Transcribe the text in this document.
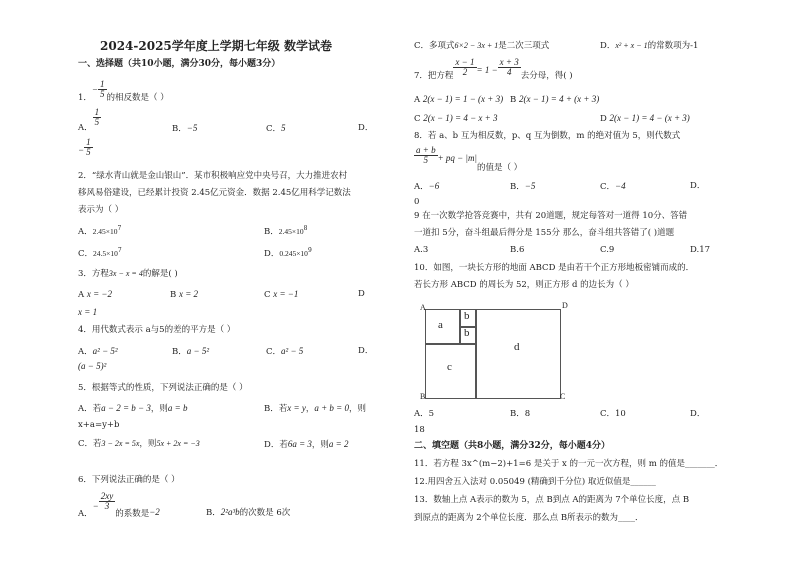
2024-2025学年度上学期七年级 数学试卷
一、选择题（共10小题，满分30分，每小题3分）
1．− $\frac{1}{5}$ 的相反数是（ ）
A．
$\frac{1}{5}$
B．−5	C．5	D．
− $\frac{1}{5}$
2．“绿水青山就是金山银山”．某市积极响应党中央号召，大力推进农村
移风易俗建设，已经累计投资 2.45亿元资金．数据 2.45亿用科学记数法
表示为（ ）
A．$2.45\times 10^7$	B．$2.45\times 10^8$
C．$24.5\times 10^7$	D．$0.245\times 10^9$
3．方程3x − x = 4的解是( )
A x = −2	B x = 2	C x = −1	D
x = 1
4．用代数式表示 a与5的差的平方是（ ）
A．a² − 5²	B．a − 5²	C．a² − 5	D．
(a − 5)²
5．根据等式的性质，下列说法正确的是（ ）
A．若a − 2 = b − 3，则a = b	B．若x = y，a + b = 0，则
x+a=y+b
C．若3 − 2x = 5x，则5x + 2x = −3	D．若6a = 3，则a = 2
6．下列说法正确的是（ ）
A．− $\frac{2xy}{3}$
的系数是−2	B．2²a³b的次数是 6次
C．多项式6×2 − 3x + 1是二次三项式	D．x² + x − 1的常数项为-1
7．把方程 $\frac{x - 1}{2} = 1 - \frac{x + 3}{4}$ 去分母，得( )
A 2(x − 1) = 1 − (x + 3) B 2(x − 1) = 4 + (x + 3)
C 2(x − 1) = 4 − x + 3	D 2(x − 1) = 4 − (x + 3)
8．若 a、b 互为相反数，p、q 互为倒数，m 的绝对值为 5，则代数式
$\frac{a + b}{5}$ + pq − |m|的值是（ ）
A．−6	B．−5	C．−4	D．
0
9 在一次数学抢答竞赛中，共有 20道题，规定每答对一道得 10分、答错
一道扣 5分，奋斗组最后得分是 155分 那么，奋斗组共答错了( )道题
A.3	B.6	C.9	D.17
10．如图，一块长方形的地面 ABCD 是由若干个正方形地板密铺而成的．
若长方形 ABCD 的周长为 52，则正方形 d 的边长为（ ）
A
B	C
D
a
b
b
c
d
A．5	B．8	C．10	D．
18
二、填空题（共8小题，满分32分，每小题4分）
11．若方程 3x^(m−2)+1=6 是关于 x 的一元一次方程，则 m 的值是_______．
12.用四舍五入法对 0.05049 (精确到千分位) 取近似值是______
13．数轴上点 A表示的数为 5，点 B到点 A的距离为 7个单位长度，点 B
到原点的距离为 2个单位长度．那么点 B所表示的数为____．
